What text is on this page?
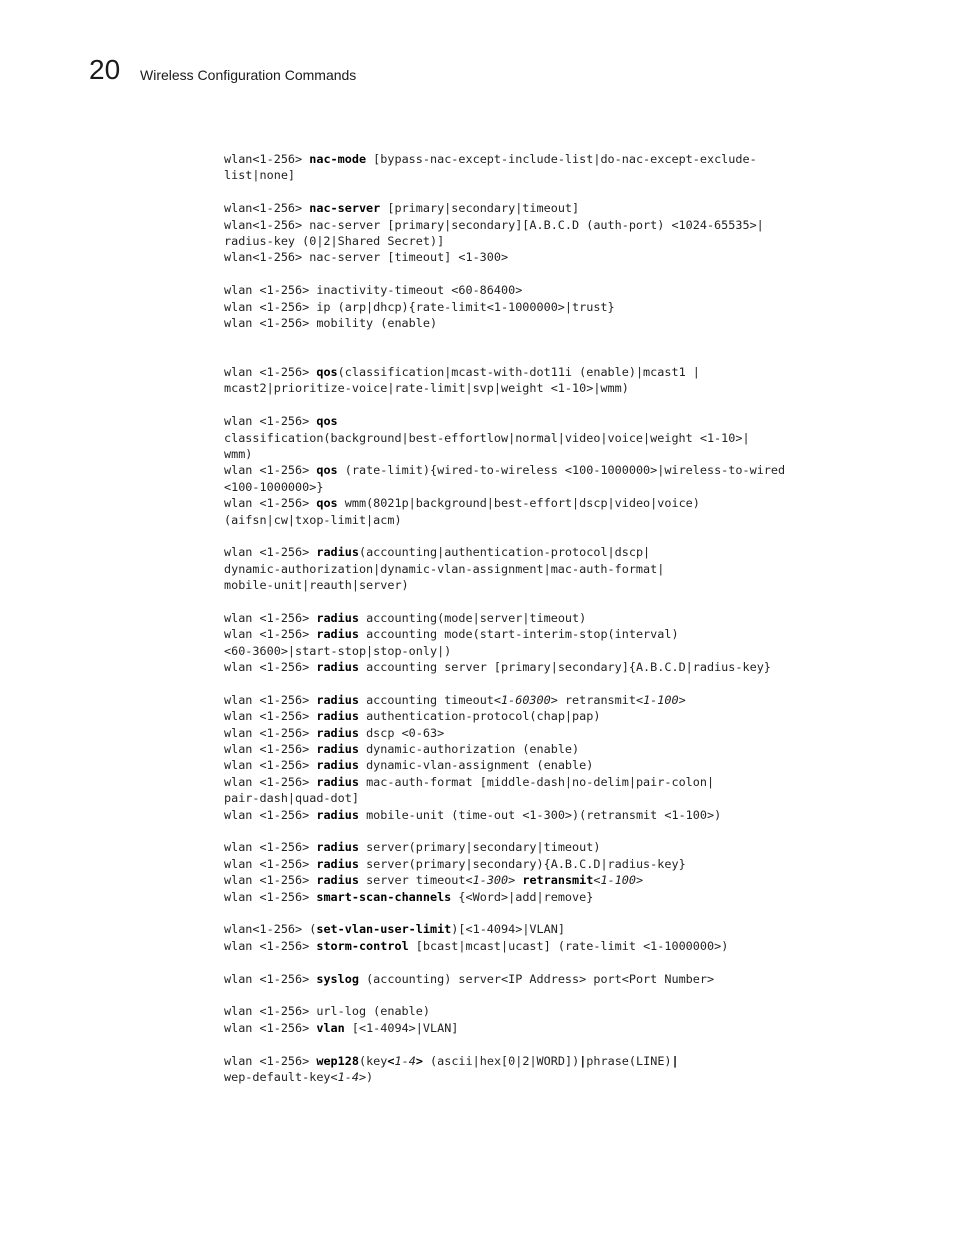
20 Wireless Configuration Commands
wlan<1-256> nac-mode [bypass-nac-except-include-list|do-nac-except-exclude-
list|none]
wlan<1-256> nac-server [primary|secondary|timeout]
wlan<1-256> nac-server [primary|secondary][A.B.C.D (auth-port) <1024-65535>|
radius-key (0|2|Shared Secret)]
wlan<1-256> nac-server [timeout] <1-300>
wlan <1-256> inactivity-timeout <60-86400>
wlan <1-256> ip (arp|dhcp){rate-limit<1-1000000>|trust}
wlan <1-256> mobility (enable)
wlan <1-256> qos(classification|mcast-with-dot11i (enable)|mcast1 |
mcast2|prioritize-voice|rate-limit|svp|weight <1-10>|wmm)
wlan <1-256> qos
classification(background|best-effortlow|normal|video|voice|weight <1-10>|
wmm)
wlan <1-256> qos (rate-limit){wired-to-wireless <100-1000000>|wireless-to-wired
<100-1000000>}
wlan <1-256> qos wmm(8021p|background|best-effort|dscp|video|voice)
(aifsn|cw|txop-limit|acm)
wlan <1-256> radius(accounting|authentication-protocol|dscp|
dynamic-authorization|dynamic-vlan-assignment|mac-auth-format|
mobile-unit|reauth|server)
wlan <1-256> radius accounting(mode|server|timeout)
wlan <1-256> radius accounting mode(start-interim-stop(interval)
<60-3600>|start-stop|stop-only|)
wlan <1-256> radius accounting server [primary|secondary]{A.B.C.D|radius-key}
wlan <1-256> radius accounting timeout<1-60300> retransmit<1-100>
wlan <1-256> radius authentication-protocol(chap|pap)
wlan <1-256> radius dscp <0-63>
wlan <1-256> radius dynamic-authorization (enable)
wlan <1-256> radius dynamic-vlan-assignment (enable)
wlan <1-256> radius mac-auth-format [middle-dash|no-delim|pair-colon|
pair-dash|quad-dot]
wlan <1-256> radius mobile-unit (time-out <1-300>)(retransmit <1-100>)
wlan <1-256> radius server(primary|secondary|timeout)
wlan <1-256> radius server(primary|secondary){A.B.C.D|radius-key}
wlan <1-256> radius server timeout<1-300> retransmit<1-100>
wlan <1-256> smart-scan-channels {<Word>|add|remove}
wlan<1-256> (set-vlan-user-limit)[<1-4094>|VLAN]
wlan <1-256> storm-control [bcast|mcast|ucast] (rate-limit <1-1000000>)
wlan <1-256> syslog (accounting) server<IP Address> port<Port Number>
wlan <1-256> url-log (enable)
wlan <1-256> vlan [<1-4094>|VLAN]
wlan <1-256> wep128(key<1-4> (ascii|hex[0|2|WORD])|phrase(LINE)|
wep-default-key<1-4>)
